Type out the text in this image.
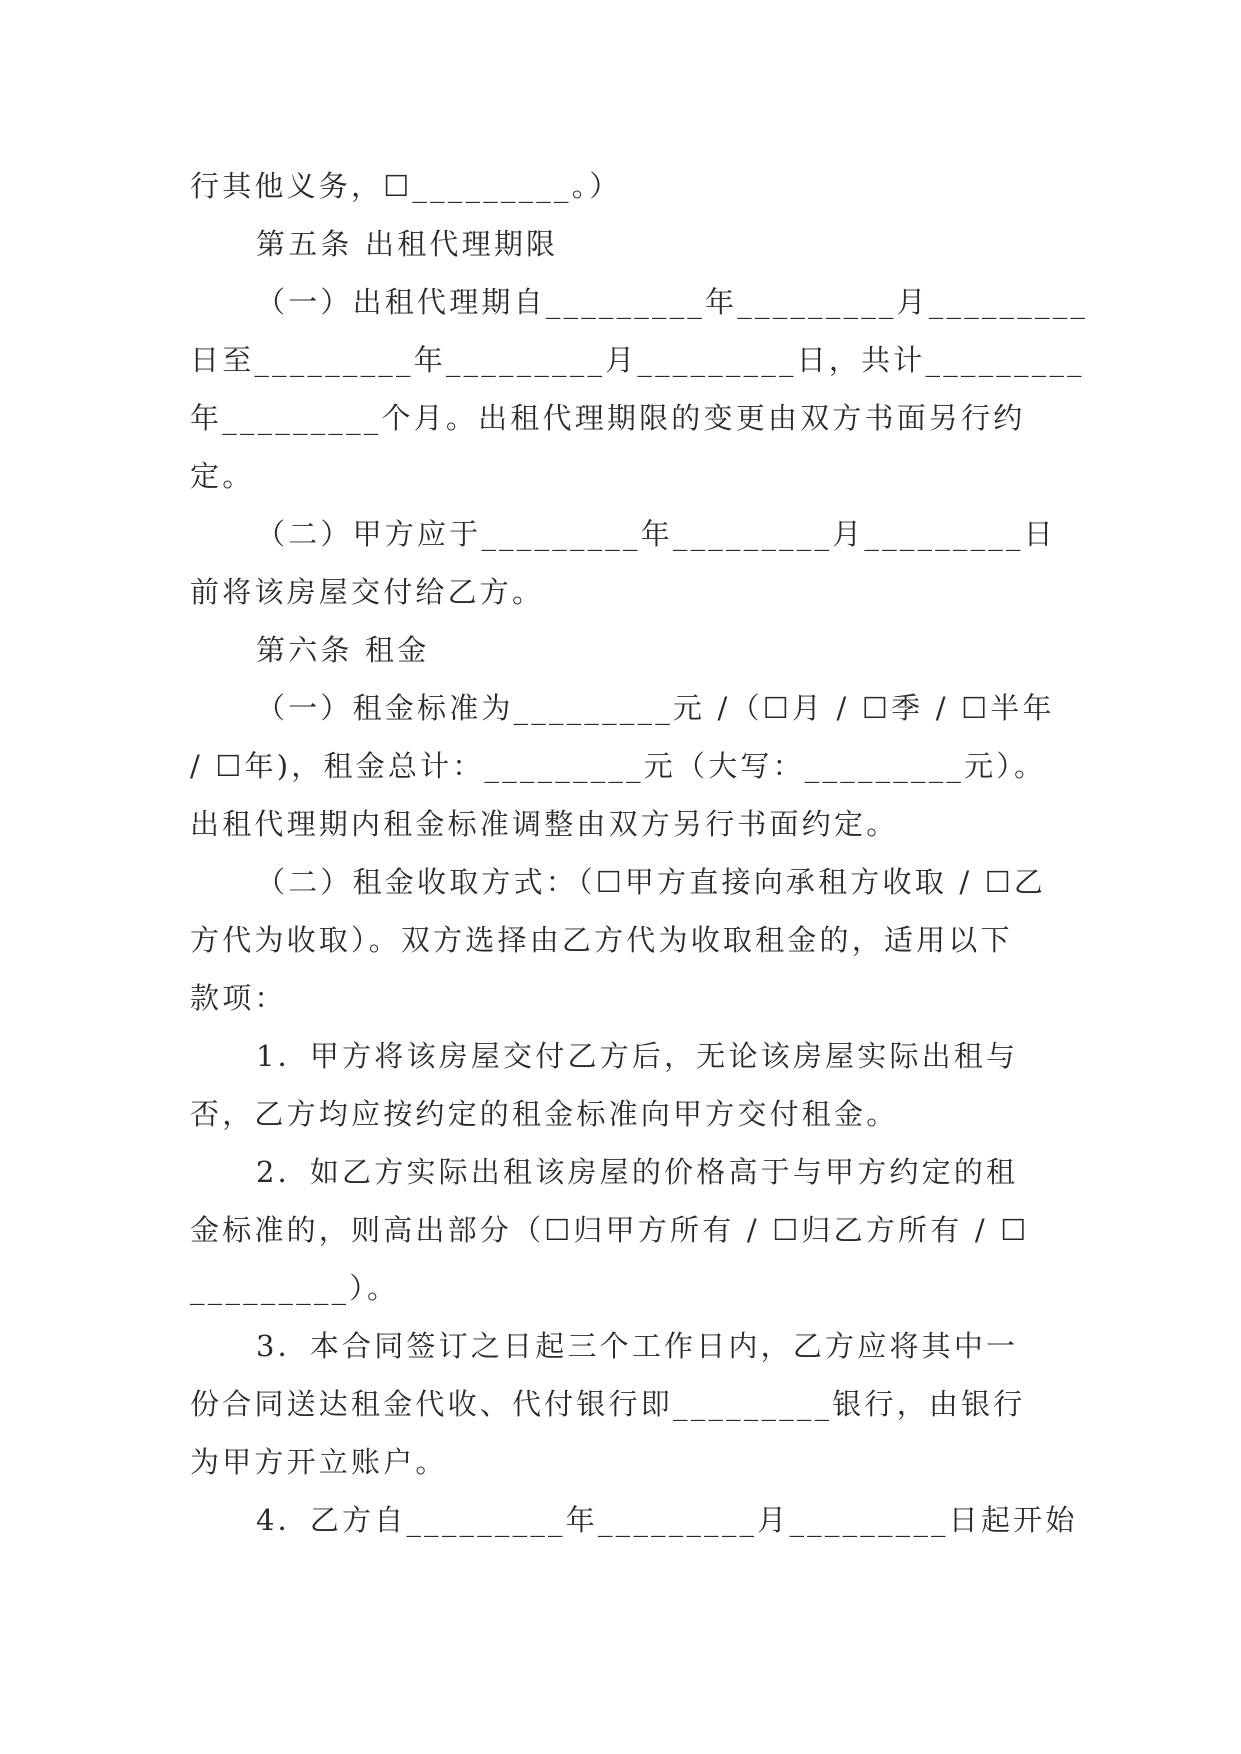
行其他义务，☐_________。）
第五条 出租代理期限
（一）出租代理期自_________年_________月_________
日至_________年_________月_________日，共计_________
年_________个月。出租代理期限的变更由双方书面另行约
定。
（二）甲方应于_________年_________月_________日
前将该房屋交付给乙方。
第六条 租金
（一）租金标准为_________元 /（☐月 / ☐季 / ☐半年
/ ☐年)，租金总计：_________元（大写：_________元）。
出租代理期内租金标准调整由双方另行书面约定。
（二）租金收取方式：（☐甲方直接向承租方收取 / ☐乙
方代为收取）。双方选择由乙方代为收取租金的，适用以下
款项：
1．甲方将该房屋交付乙方后，无论该房屋实际出租与
否，乙方均应按约定的租金标准向甲方交付租金。
2．如乙方实际出租该房屋的价格高于与甲方约定的租
金标准的，则高出部分（☐归甲方所有 / ☐归乙方所有 / ☐
_________）。
3．本合同签订之日起三个工作日内，乙方应将其中一
份合同送达租金代收、代付银行即_________银行，由银行
为甲方开立账户。
4．乙方自_________年_________月_________日起开始
